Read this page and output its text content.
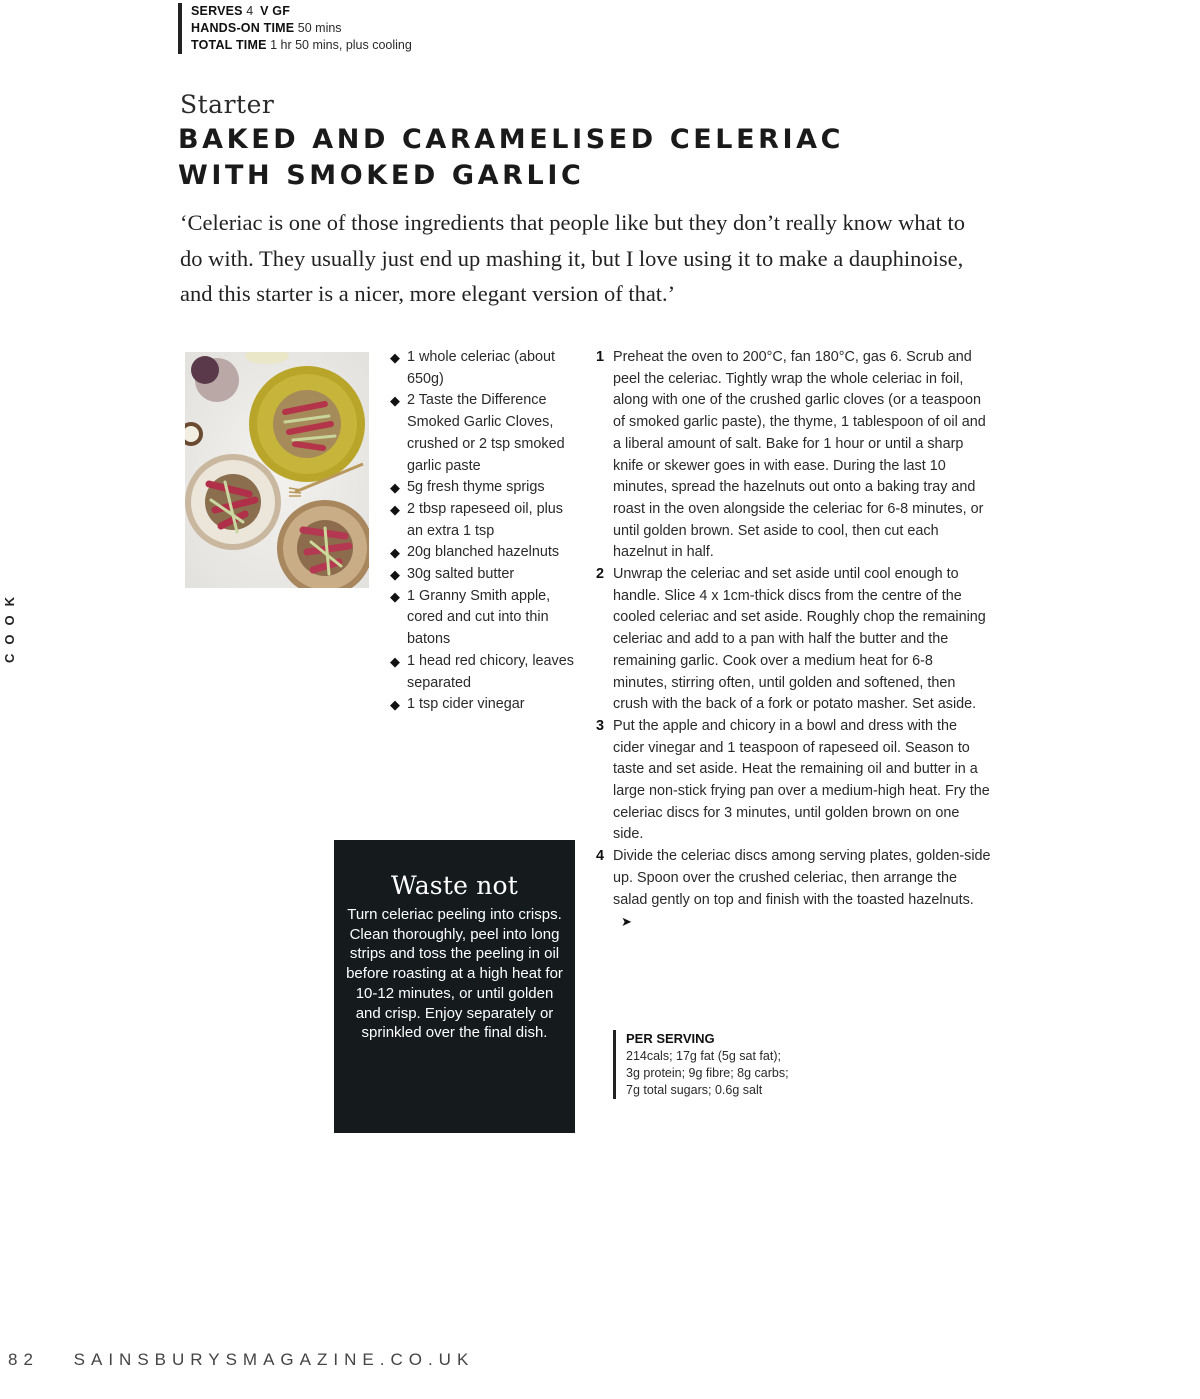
SERVES 4 V GF
HANDS-ON TIME 50 mins
TOTAL TIME 1 hr 50 mins, plus cooling
Starter
BAKED AND CARAMELISED CELERIAC
WITH SMOKED GARLIC

‘Celeriac is one of those ingredients that people like but they don’t really know what to do with. They usually just end up mashing it, but I love using it to make a dauphinoise, and this starter is a nicer, more elegant version of that.’

◆ 1 whole celeriac (about 650g)
◆ 2 Taste the Difference Smoked Garlic Cloves, crushed or 2 tsp smoked garlic paste
◆ 5g fresh thyme sprigs
◆ 2 tbsp rapeseed oil, plus an extra 1 tsp
◆ 20g blanched hazelnuts
◆ 30g salted butter
◆ 1 Granny Smith apple, cored and cut into thin batons
◆ 1 head red chicory, leaves separated
◆ 1 tsp cider vinegar
1 Preheat the oven to 200°C, fan 180°C, gas 6. Scrub and peel the celeriac. Tightly wrap the whole celeriac in foil, along with one of the crushed garlic cloves (or a teaspoon of smoked garlic paste), the thyme, 1 tablespoon of oil and a liberal amount of salt. Bake for 1 hour or until a sharp knife or skewer goes in with ease. During the last 10 minutes, spread the hazelnuts out onto a baking tray and roast in the oven alongside the celeriac for 6-8 minutes, or until golden brown. Set aside to cool, then cut each hazelnut in half.
2 Unwrap the celeriac and set aside until cool enough to handle. Slice 4 x 1cm-thick discs from the centre of the cooled celeriac and set aside. Roughly chop the remaining celeriac and add to a pan with half the butter and the remaining garlic. Cook over a medium heat for 6-8 minutes, stirring often, until golden and softened, then crush with the back of a fork or potato masher. Set aside.
3 Put the apple and chicory in a bowl and dress with the cider vinegar and 1 teaspoon of rapeseed oil. Season to taste and set aside. Heat the remaining oil and butter in a large non-stick frying pan over a medium-high heat. Fry the celeriac discs for 3 minutes, until golden brown on one side.
4 Divide the celeriac discs among serving plates, golden-side up. Spoon over the crushed celeriac, then arrange the salad gently on top and finish with the toasted hazelnuts.➤
Waste not

Turn celeriac peeling into crisps. Clean thoroughly, peel into long strips and toss the peeling in oil before roasting at a high heat for 10-12 minutes, or until golden and crisp. Enjoy separately or sprinkled over the final dish.	PER SERVING
214cals; 17g fat (5g sat fat);
3g protein; 9g fibre; 8g carbs;
7g total sugars; 0.6g salt
COOK
82 SAINSBURYSMAGAZINE.CO.UK
